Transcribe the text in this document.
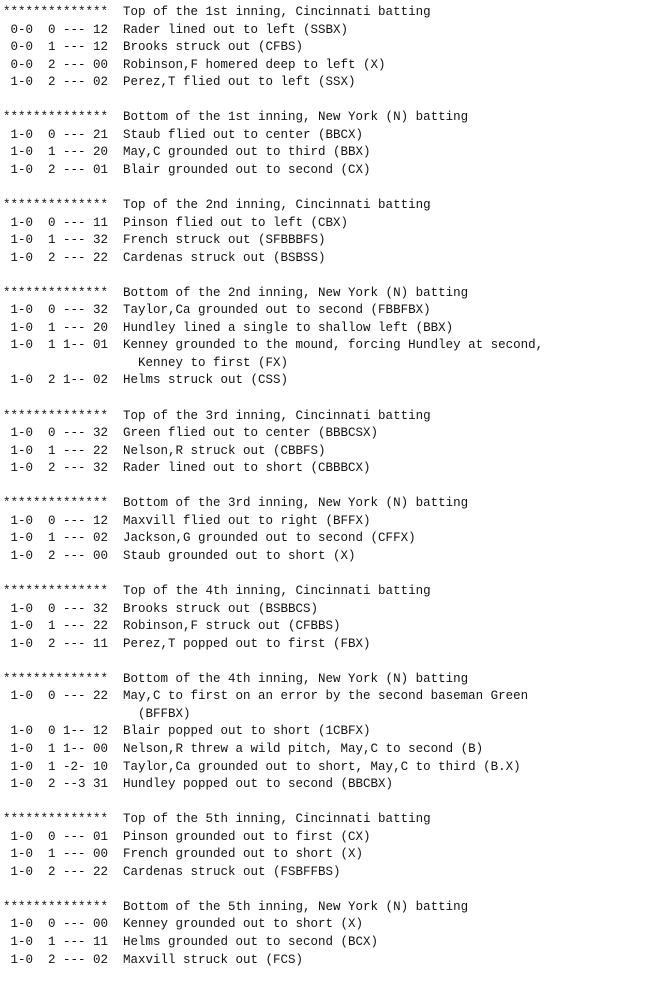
**************  Top of the 1st inning, Cincinnati batting
0-0  0 --- 12  Rader lined out to left (SSBX)
0-0  1 --- 12  Brooks struck out (CFBS)
0-0  2 --- 00  Robinson,F homered deep to left (X)
1-0  2 --- 02  Perez,T flied out to left (SSX)
**************  Bottom of the 1st inning, New York (N) batting
1-0  0 --- 21  Staub flied out to center (BBCX)
1-0  1 --- 20  May,C grounded out to third (BBX)
1-0  2 --- 01  Blair grounded out to second (CX)
**************  Top of the 2nd inning, Cincinnati batting
1-0  0 --- 11  Pinson flied out to left (CBX)
1-0  1 --- 32  French struck out (SFBBBFS)
1-0  2 --- 22  Cardenas struck out (BSBSS)
**************  Bottom of the 2nd inning, New York (N) batting
1-0  0 --- 32  Taylor,Ca grounded out to second (FBBFBX)
1-0  1 --- 20  Hundley lined a single to shallow left (BBX)
1-0  1 1-- 01  Kenney grounded to the mound, forcing Hundley at second,
Kenney to first (FX)
1-0  2 1-- 02  Helms struck out (CSS)
**************  Top of the 3rd inning, Cincinnati batting
1-0  0 --- 32  Green flied out to center (BBBCSX)
1-0  1 --- 22  Nelson,R struck out (CBBFS)
1-0  2 --- 32  Rader lined out to short (CBBBCX)
**************  Bottom of the 3rd inning, New York (N) batting
1-0  0 --- 12  Maxvill flied out to right (BFFX)
1-0  1 --- 02  Jackson,G grounded out to second (CFFX)
1-0  2 --- 00  Staub grounded out to short (X)
**************  Top of the 4th inning, Cincinnati batting
1-0  0 --- 32  Brooks struck out (BSBBCS)
1-0  1 --- 22  Robinson,F struck out (CFBBS)
1-0  2 --- 11  Perez,T popped out to first (FBX)
**************  Bottom of the 4th inning, New York (N) batting
1-0  0 --- 22  May,C to first on an error by the second baseman Green
(BFFBX)
1-0  0 1-- 12  Blair popped out to short (1CBFX)
1-0  1 1-- 00  Nelson,R threw a wild pitch, May,C to second (B)
1-0  1 -2- 10  Taylor,Ca grounded out to short, May,C to third (B.X)
1-0  2 --3 31  Hundley popped out to second (BBCBX)
**************  Top of the 5th inning, Cincinnati batting
1-0  0 --- 01  Pinson grounded out to first (CX)
1-0  1 --- 00  French grounded out to short (X)
1-0  2 --- 22  Cardenas struck out (FSBFFBS)
**************  Bottom of the 5th inning, New York (N) batting
1-0  0 --- 00  Kenney grounded out to short (X)
1-0  1 --- 11  Helms grounded out to second (BCX)
1-0  2 --- 02  Maxvill struck out (FCS)
